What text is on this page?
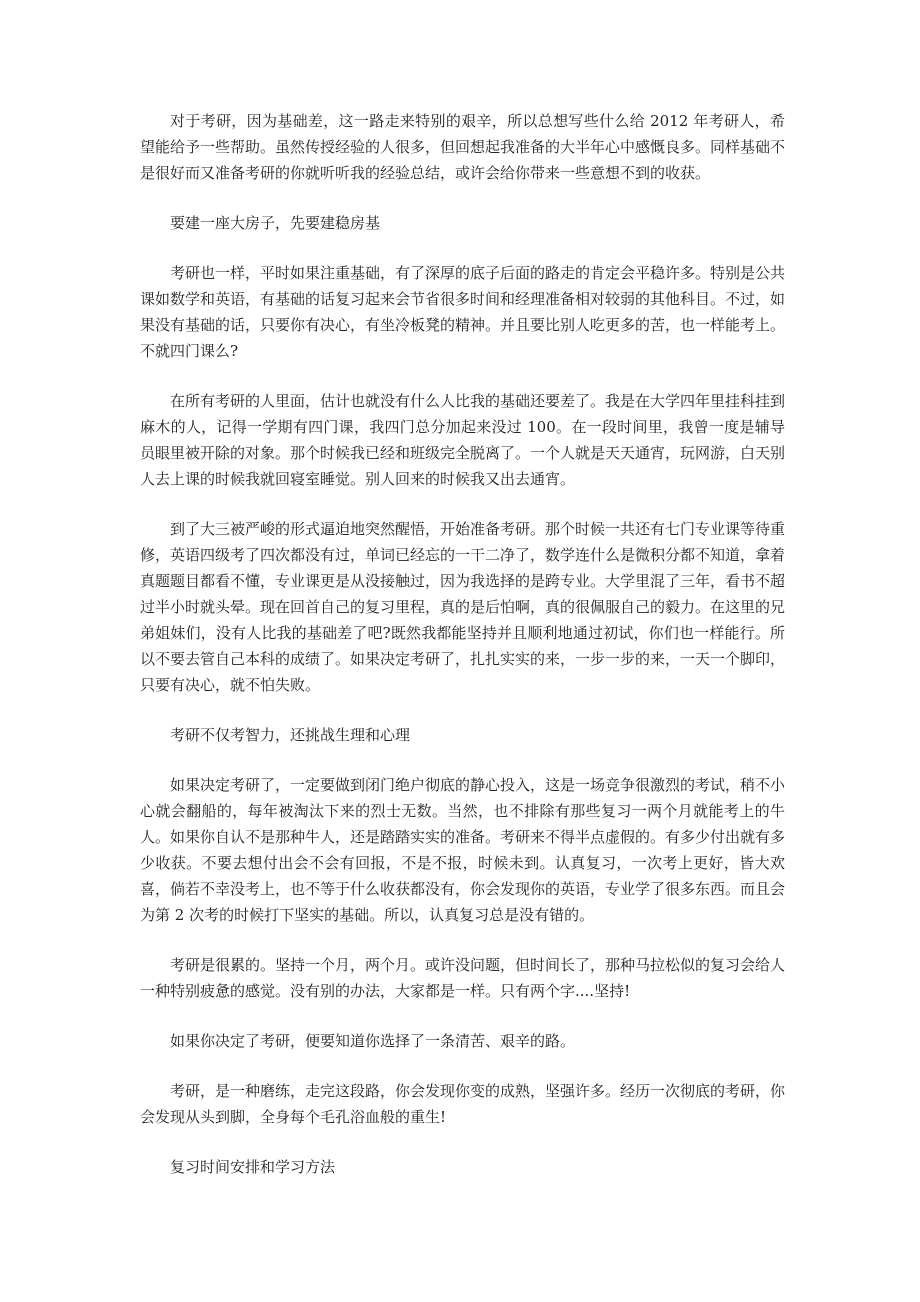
对于考研，因为基础差，这一路走来特别的艰辛，所以总想写些什么给 2012 年考研人，希望能给予一些帮助。虽然传授经验的人很多，但回想起我准备的大半年心中感慨良多。同样基础不是很好而又准备考研的你就听听我的经验总结，或许会给你带来一些意想不到的收获。

要建一座大房子，先要建稳房基

考研也一样，平时如果注重基础，有了深厚的底子后面的路走的肯定会平稳许多。特别是公共课如数学和英语，有基础的话复习起来会节省很多时间和经理准备相对较弱的其他科目。不过，如果没有基础的话，只要你有决心，有坐冷板凳的精神。并且要比别人吃更多的苦，也一样能考上。不就四门课么?

在所有考研的人里面，估计也就没有什么人比我的基础还要差了。我是在大学四年里挂科挂到麻木的人，记得一学期有四门课，我四门总分加起来没过 100。在一段时间里，我曾一度是辅导员眼里被开除的对象。那个时候我已经和班级完全脱离了。一个人就是天天通宵，玩网游，白天别人去上课的时候我就回寝室睡觉。别人回来的时候我又出去通宵。

到了大三被严峻的形式逼迫地突然醒悟，开始准备考研。那个时候一共还有七门专业课等待重修，英语四级考了四次都没有过，单词已经忘的一干二净了，数学连什么是微积分都不知道，拿着真题题目都看不懂，专业课更是从没接触过，因为我选择的是跨专业。大学里混了三年，看书不超过半小时就头晕。现在回首自己的复习里程，真的是后怕啊，真的很佩服自己的毅力。在这里的兄弟姐妹们，没有人比我的基础差了吧?既然我都能坚持并且顺利地通过初试，你们也一样能行。所以不要去管自己本科的成绩了。如果决定考研了，扎扎实实的来，一步一步的来，一天一个脚印，只要有决心，就不怕失败。

考研不仅考智力，还挑战生理和心理

如果决定考研了，一定要做到闭门绝户彻底的静心投入，这是一场竞争很激烈的考试，稍不小心就会翻船的，每年被淘汰下来的烈士无数。当然，也不排除有那些复习一两个月就能考上的牛人。如果你自认不是那种牛人，还是踏踏实实的准备。考研来不得半点虚假的。有多少付出就有多少收获。不要去想付出会不会有回报，不是不报，时候未到。认真复习，一次考上更好，皆大欢喜，倘若不幸没考上，也不等于什么收获都没有，你会发现你的英语，专业学了很多东西。而且会为第 2 次考的时候打下坚实的基础。所以，认真复习总是没有错的。

考研是很累的。坚持一个月，两个月。或许没问题，但时间长了，那种马拉松似的复习会给人一种特别疲惫的感觉。没有别的办法，大家都是一样。只有两个字....坚持!

如果你决定了考研，便要知道你选择了一条清苦、艰辛的路。

考研，是一种磨练，走完这段路，你会发现你变的成熟，坚强许多。经历一次彻底的考研，你会发现从头到脚，全身每个毛孔浴血般的重生!

复习时间安排和学习方法
